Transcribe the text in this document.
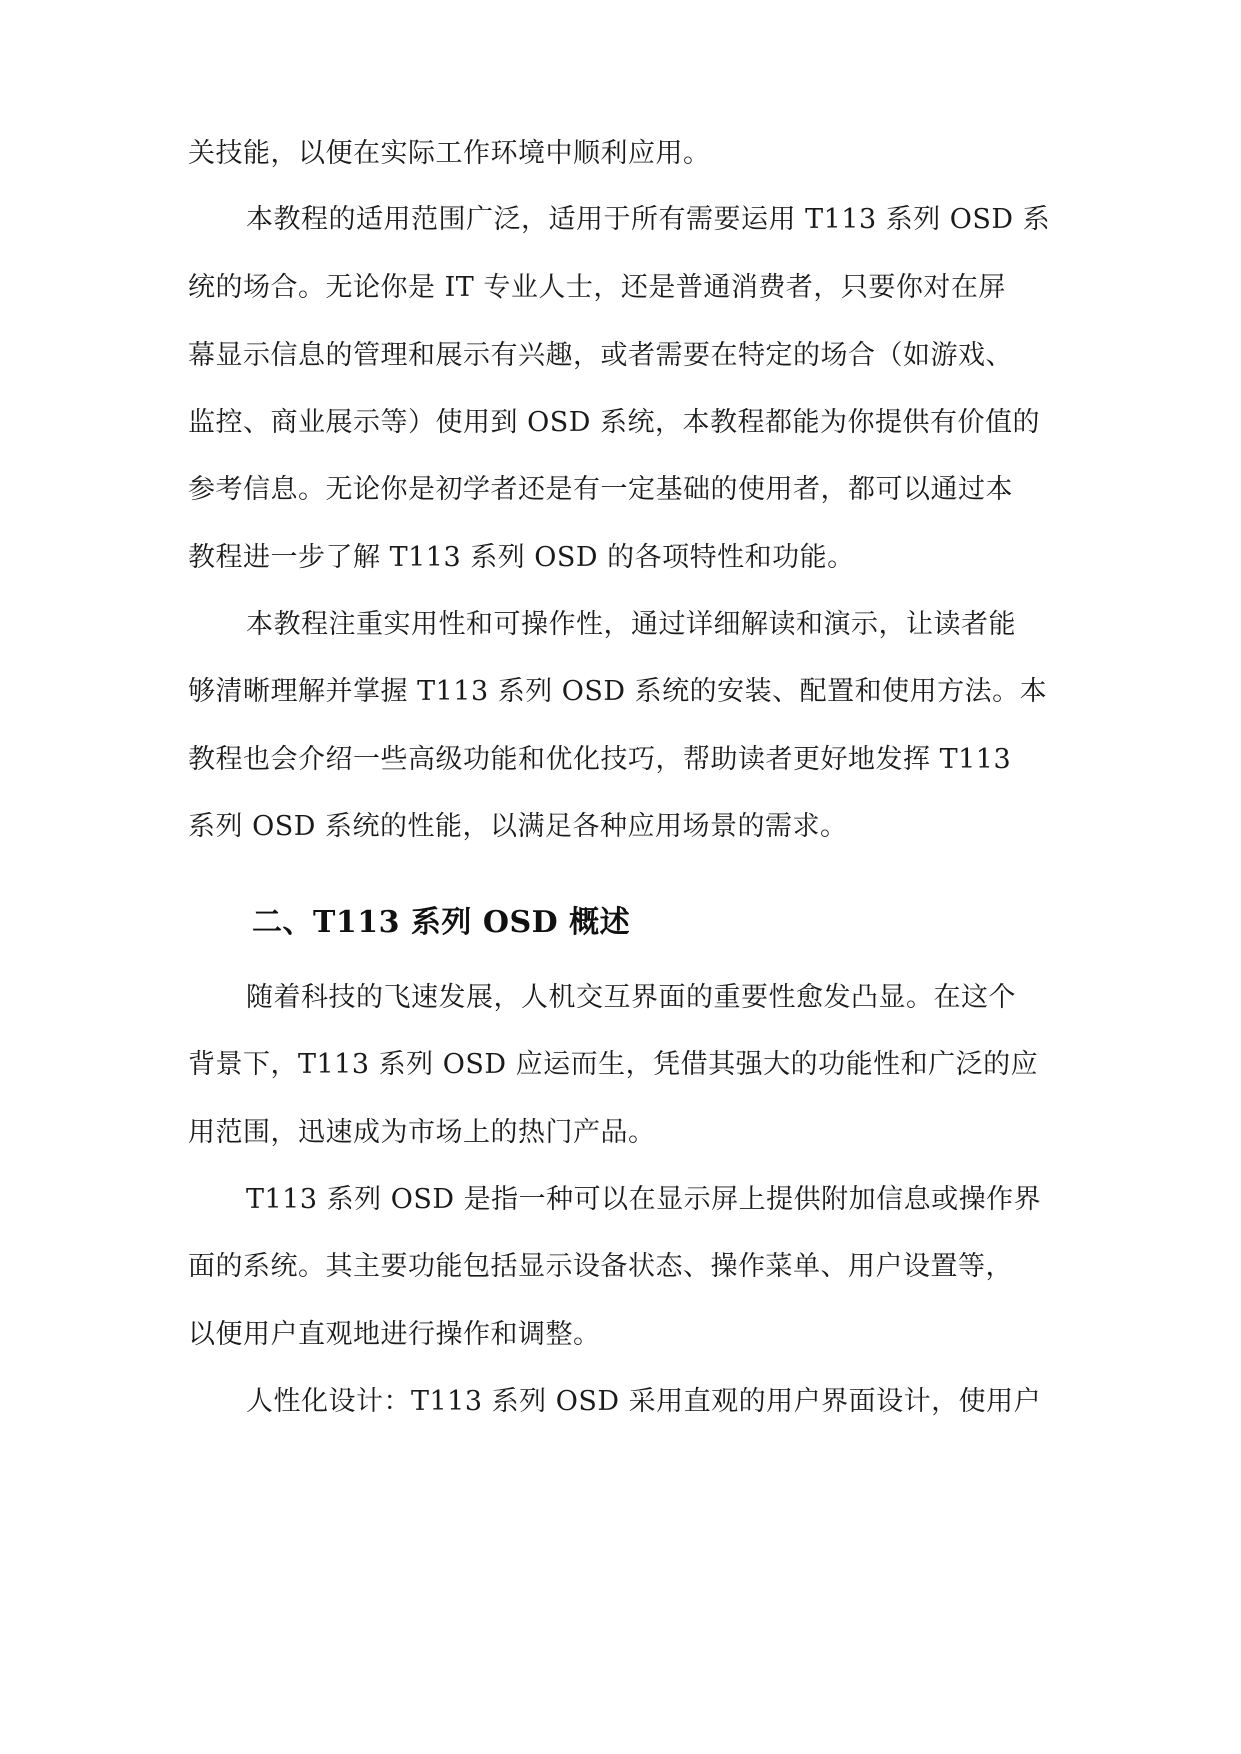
关技能，以便在实际工作环境中顺利应用。
本教程的适用范围广泛，适用于所有需要运用 T113 系列 OSD 系
统的场合。无论你是 IT 专业人士，还是普通消费者，只要你对在屏
幕显示信息的管理和展示有兴趣，或者需要在特定的场合（如游戏、
监控、商业展示等）使用到 OSD 系统，本教程都能为你提供有价值的
参考信息。无论你是初学者还是有一定基础的使用者，都可以通过本
教程进一步了解 T113 系列 OSD 的各项特性和功能。
本教程注重实用性和可操作性，通过详细解读和演示，让读者能
够清晰理解并掌握 T113 系列 OSD 系统的安装、配置和使用方法。本
教程也会介绍一些高级功能和优化技巧，帮助读者更好地发挥 T113
系列 OSD 系统的性能，以满足各种应用场景的需求。
二、T113 系列 OSD 概述
随着科技的飞速发展，人机交互界面的重要性愈发凸显。在这个
背景下，T113 系列 OSD 应运而生，凭借其强大的功能性和广泛的应
用范围，迅速成为市场上的热门产品。
T113 系列 OSD 是指一种可以在显示屏上提供附加信息或操作界
面的系统。其主要功能包括显示设备状态、操作菜单、用户设置等，
以便用户直观地进行操作和调整。
人性化设计：T113 系列 OSD 采用直观的用户界面设计，使用户
